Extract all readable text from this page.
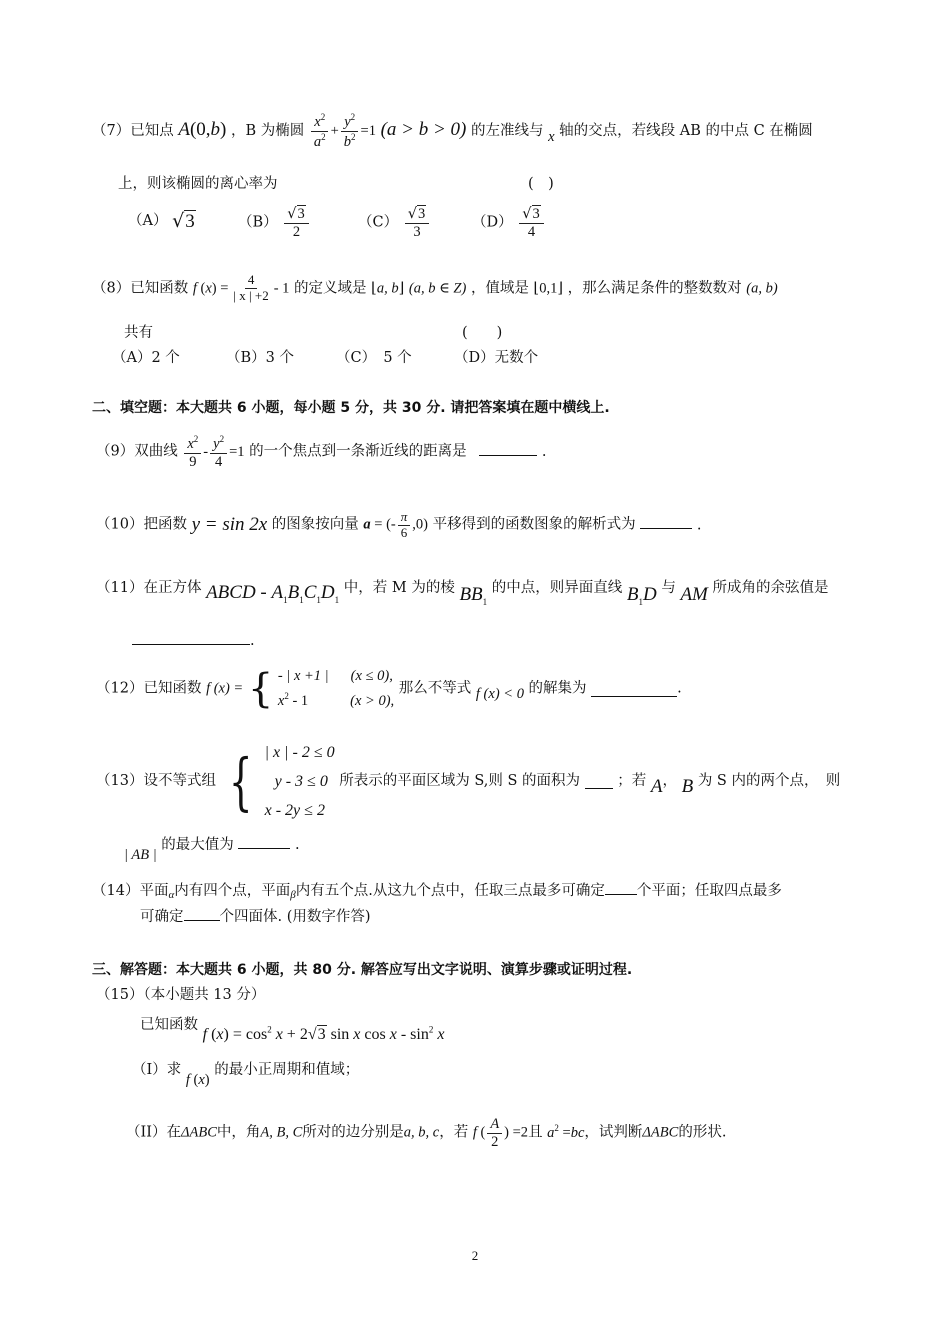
（7）已知点 A(0,b) ，B 为椭圆 $\frac{x^2}{a^2} + \frac{y^2}{b^2} =1$ (a > b > 0) 的左准线与 x 轴的交点，若线段 AB 的中点 C 在椭圆
上，则该椭圆的离心率为	(　)
（A） √3	$(B) \frac{√3}{2}$	$(C) \frac{√3}{3}$	$(D) \frac{√3}{4}$
（8）已知函数 f $(x) = \frac{4}{| x | +2} - 1$ 的定义域是 ⌊a, b⌋ (a, b ∈ Z) ，值域是 ⌊0,1⌋ ，那么满足条件的整数数对 (a, b)
共有	(　　)
（A）2 个	（B）3 个	（C）　5 个	（D）无数个
二、填空题：本大题共 6 小题，每小题 5 分，共 30 分. 请把答案填在题中横线上.
（9）双曲线 $\frac{x^2}{9} - \frac{y^2}{4} =1$ 的一个焦点到一条渐近线的距离是	.
（10）把函数 y = sin 2x 的图象按向量 a = (- $\frac{\pi}{6} ,0$) 平移得到的函数图象的解析式为	.
（11）在正方体 ABCD - $A_1B_1C_1D_1$ 中，若 M 为的棱 $BB_1$ 的中点，则异面直线 $B_1D$ 与 AM 所成角的余弦值是
.
（12）已知函数 f (x) = { - | x +1 | (x ≤ 0),
$x^2 - 1$	(x > 0), 那么不等式 f (x) < 0 的解集为	.
（13）设不等式组 { | x | - 2 ≤ 0
y - 3 ≤ 0
x - 2y ≤ 2 所表示的平面区域为 S,则 S 的面积为	；若 A， B 为 S 内的两个点，　则
| AB | 的最大值为	.
（14）平面$_\alpha$内有四个点，平面$_\beta$内有五个点.从这九个点中，任取三点最多可确定 个平面；任取四点最多
可确定 个四面体. (用数字作答)
三、解答题：本大题共 6 小题，共 80 分. 解答应写出文字说明、演算步骤或证明过程.
（15）（本小题共 13 分）
已知函数 f $(x) = \cos^2 x + 2√3$ sin x cos x - $\sin^2 x$
（I）求 f (x) 的最小正周期和值域；
（II）在ΔABC中，角A, B, C所对的边分别是a, b, c，若 f ( $\frac{A}{2}$ ) =2且 $a^2 =bc$，试判断ΔABC的形状.
2
